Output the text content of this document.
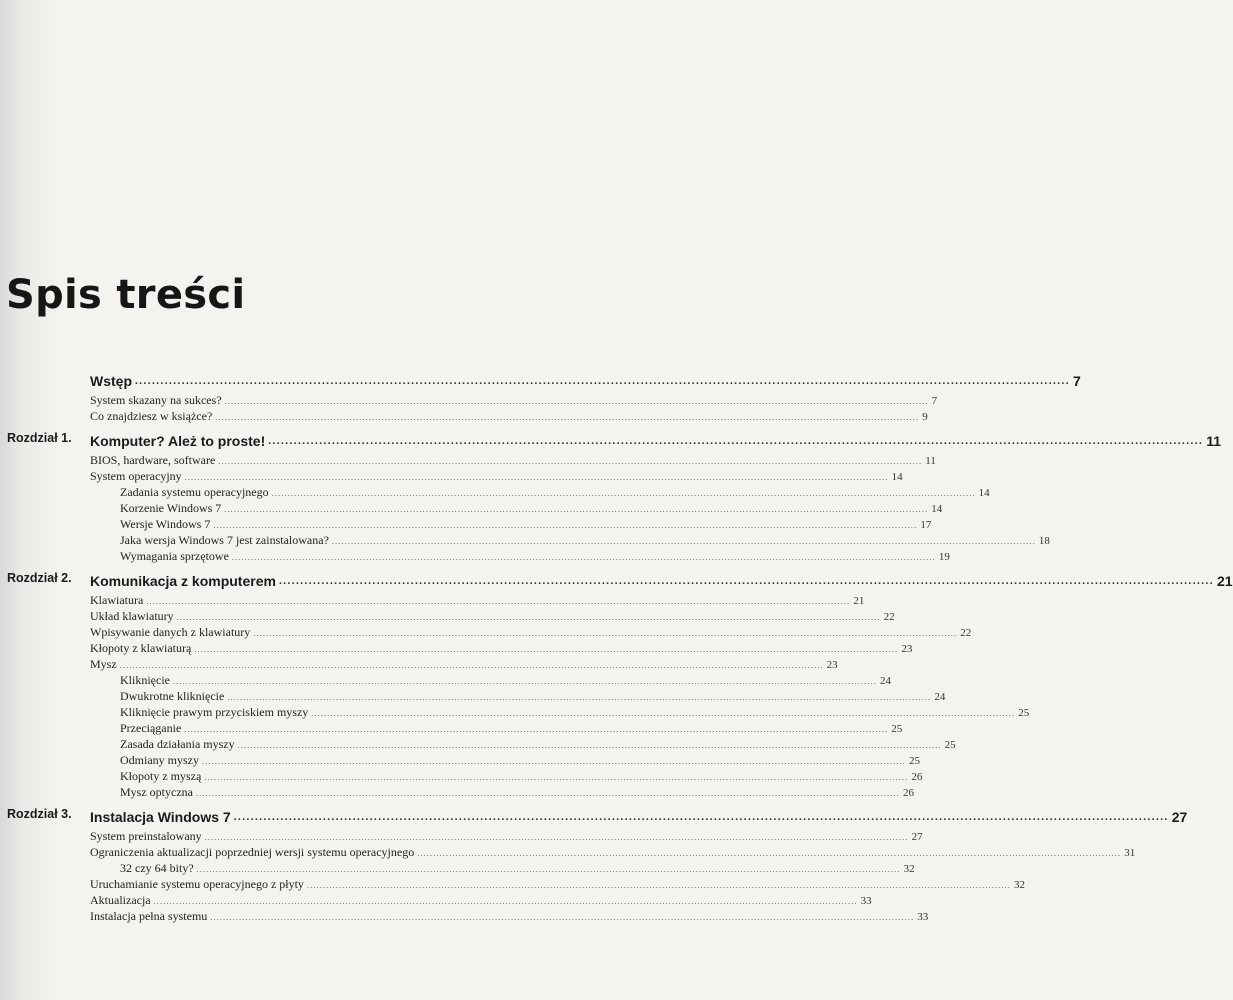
Spis treści
Wstęp ............................................................................................................................................................................................................................ 7
System skazany na sukces? ............................................................................................................................................................................................................................ 7
Co znajdziesz w książce? ............................................................................................................................................................................................................................ 9
Rozdział 1. Komputer? Ależ to proste! ............................................................................................................................................................................................................................ 11
BIOS, hardware, software ............................................................................................................................................................................................................................ 11
System operacyjny ............................................................................................................................................................................................................................ 14
Zadania systemu operacyjnego ............................................................................................................................................................................................................................ 14
Korzenie Windows 7 ............................................................................................................................................................................................................................ 14
Wersje Windows 7 ............................................................................................................................................................................................................................ 17
Jaka wersja Windows 7 jest zainstalowana? ............................................................................................................................................................................................................................ 18
Wymagania sprzętowe ............................................................................................................................................................................................................................ 19
Rozdział 2. Komunikacja z komputerem ............................................................................................................................................................................................................................ 21
Klawiatura ............................................................................................................................................................................................................................ 21
Układ klawiatury ............................................................................................................................................................................................................................ 22
Wpisywanie danych z klawiatury ............................................................................................................................................................................................................................ 22
Kłopoty z klawiaturą ............................................................................................................................................................................................................................ 23
Mysz ............................................................................................................................................................................................................................ 23
Kliknięcie ............................................................................................................................................................................................................................ 24
Dwukrotne kliknięcie ............................................................................................................................................................................................................................ 24
Kliknięcie prawym przyciskiem myszy ............................................................................................................................................................................................................................ 25
Przeciąganie ............................................................................................................................................................................................................................ 25
Zasada działania myszy ............................................................................................................................................................................................................................ 25
Odmiany myszy ............................................................................................................................................................................................................................ 25
Kłopoty z myszą ............................................................................................................................................................................................................................ 26
Mysz optyczna ............................................................................................................................................................................................................................ 26
Rozdział 3. Instalacja Windows 7 ............................................................................................................................................................................................................................ 27
System preinstalowany ............................................................................................................................................................................................................................ 27
Ograniczenia aktualizacji poprzedniej wersji systemu operacyjnego ............................................................................................................................................................................................................................ 31
32 czy 64 bity? ............................................................................................................................................................................................................................ 32
Uruchamianie systemu operacyjnego z płyty ............................................................................................................................................................................................................................ 32
Aktualizacja ............................................................................................................................................................................................................................ 33
Instalacja pełna systemu ............................................................................................................................................................................................................................ 33
